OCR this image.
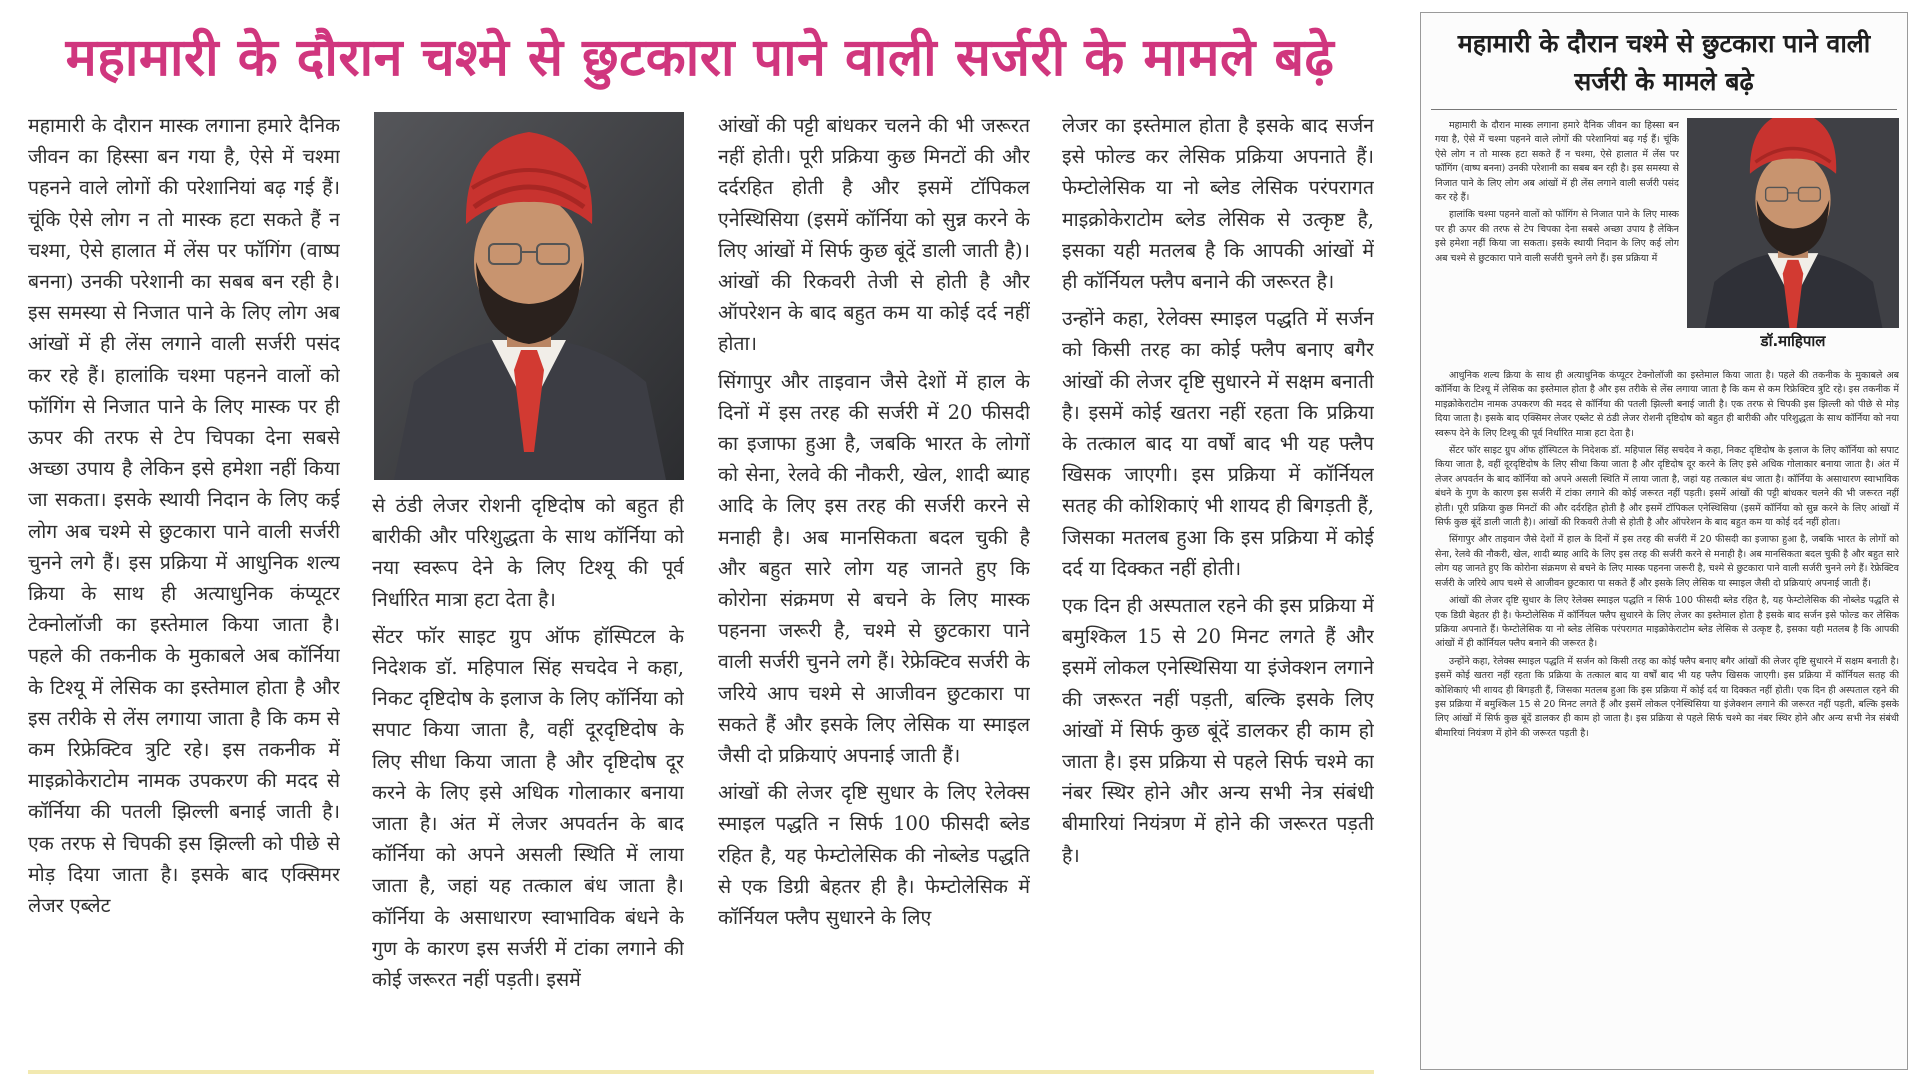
महामारी के दौरान चश्मे से छुटकारा पाने वाली सर्जरी के मामले बढ़े

महामारी के दौरान मास्क लगाना हमारे दैनिक जीवन का हिस्सा बन गया है, ऐसे में चश्मा पहनने वाले लोगों की परेशानियां बढ़ गई हैं। चूंकि ऐसे लोग न तो मास्क हटा सकते हैं न चश्मा, ऐसे हालात में लेंस पर फॉगिंग (वाष्प बनना) उनकी परेशानी का सबब बन रही है। इस समस्या से निजात पाने के लिए लोग अब आंखों में ही लेंस लगाने वाली सर्जरी पसंद कर रहे हैं। हालांकि चश्मा पहनने वालों को फॉगिंग से निजात पाने के लिए मास्क पर ही ऊपर की तरफ से टेप चिपका देना सबसे अच्छा उपाय है लेकिन इसे हमेशा नहीं किया जा सकता। इसके स्थायी निदान के लिए कई लोग अब चश्मे से छुटकारा पाने वाली सर्जरी चुनने लगे हैं। इस प्रक्रिया में आधुनिक शल्य क्रिया के साथ ही अत्याधुनिक कंप्यूटर टेक्नोलॉजी का इस्तेमाल किया जाता है। पहले की तकनीक के मुकाबले अब कॉर्निया के टिश्यू में लेसिक का इस्तेमाल होता है और इस तरीके से लेंस लगाया जाता है कि कम से कम रिफ्रेक्टिव त्रुटि रहे। इस तकनीक में माइक्रोकेराटोम नामक उपकरण की मदद से कॉर्निया की पतली झिल्ली बनाई जाती है। एक तरफ से चिपकी इस झिल्ली को पीछे से मोड़ दिया जाता है। इसके बाद एक्सिमर लेजर एब्लेट

से ठंडी लेजर रोशनी दृष्टिदोष को बहुत ही बारीकी और परिशुद्धता के साथ कॉर्निया को नया स्वरूप देने के लिए टिश्यू की पूर्व निर्धारित मात्रा हटा देता है।

सेंटर फॉर साइट ग्रुप ऑफ हॉस्पिटल के निदेशक डॉ. महिपाल सिंह सचदेव ने कहा, निकट दृष्टिदोष के इलाज के लिए कॉर्निया को सपाट किया जाता है, वहीं दूरदृष्टिदोष के लिए सीधा किया जाता है और दृष्टिदोष दूर करने के लिए इसे अधिक गोलाकार बनाया जाता है। अंत में लेजर अपवर्तन के बाद कॉर्निया को अपने असली स्थिति में लाया जाता है, जहां यह तत्काल बंध जाता है। कॉर्निया के असाधारण स्वाभाविक बंधने के गुण के कारण इस सर्जरी में टांका लगाने की कोई जरूरत नहीं पड़ती। इसमें

आंखों की पट्टी बांधकर चलने की भी जरूरत नहीं होती। पूरी प्रक्रिया कुछ मिनटों की और दर्दरहित होती है और इसमें टॉपिकल एनेस्थिसिया (इसमें कॉर्निया को सुन्न करने के लिए आंखों में सिर्फ कुछ बूंदें डाली जाती है)। आंखों की रिकवरी तेजी से होती है और ऑपरेशन के बाद बहुत कम या कोई दर्द नहीं होता।

सिंगापुर और ताइवान जैसे देशों में हाल के दिनों में इस तरह की सर्जरी में 20 फीसदी का इजाफा हुआ है, जबकि भारत के लोगों को सेना, रेलवे की नौकरी, खेल, शादी ब्याह आदि के लिए इस तरह की सर्जरी करने से मनाही है। अब मानसिकता बदल चुकी है और बहुत सारे लोग यह जानते हुए कि कोरोना संक्रमण से बचने के लिए मास्क पहनना जरूरी है, चश्मे से छुटकारा पाने वाली सर्जरी चुनने लगे हैं। रेफ्रेक्टिव सर्जरी के जरिये आप चश्मे से आजीवन छुटकारा पा सकते हैं और इसके लिए लेसिक या स्माइल जैसी दो प्रक्रियाएं अपनाई जाती हैं।

आंखों की लेजर दृष्टि सुधार के लिए रेलेक्स स्माइल पद्धति न सिर्फ 100 फीसदी ब्लेड रहित है, यह फेम्टोलेसिक की नोब्लेड पद्धति से एक डिग्री बेहतर ही है। फेम्टोलेसिक में कॉर्नियल फ्लैप सुधारने के लिए

लेजर का इस्तेमाल होता है इसके बाद सर्जन इसे फोल्ड कर लेसिक प्रक्रिया अपनाते हैं। फेम्टोलेसिक या नो ब्लेड लेसिक परंपरागत माइक्रोकेराटोम ब्लेड लेसिक से उत्कृष्ट है, इसका यही मतलब है कि आपकी आंखों में ही कॉर्नियल फ्लैप बनाने की जरूरत है।

उन्होंने कहा, रेलेक्स स्माइल पद्धति में सर्जन को किसी तरह का कोई फ्लैप बनाए बगैर आंखों की लेजर दृष्टि सुधारने में सक्षम बनाती है। इसमें कोई खतरा नहीं रहता कि प्रक्रिया के तत्काल बाद या वर्षों बाद भी यह फ्लैप खिसक जाएगी। इस प्रक्रिया में कॉर्नियल सतह की कोशिकाएं भी शायद ही बिगड़ती हैं, जिसका मतलब हुआ कि इस प्रक्रिया में कोई दर्द या दिक्कत नहीं होती।

एक दिन ही अस्पताल रहने की इस प्रक्रिया में बमुश्किल 15 से 20 मिनट लगते हैं और इसमें लोकल एनेस्थिसिया या इंजेक्शन लगाने की जरूरत नहीं पड़ती, बल्कि इसके लिए आंखों में सिर्फ कुछ बूंदें डालकर ही काम हो जाता है। इस प्रक्रिया से पहले सिर्फ चश्मे का नंबर स्थिर होने और अन्य सभी नेत्र संबंधी बीमारियां नियंत्रण में होने की जरूरत पड़ती है।

महामारी के दौरान चश्मे से छुटकारा पाने वाली सर्जरी के मामले बढ़े

महामारी के दौरान मास्क लगाना हमारे दैनिक जीवन का हिस्सा बन गया है, ऐसे में चश्मा पहनने वाले लोगों की परेशानियां बढ़ गई हैं। चूंकि ऐसे लोग न तो मास्क हटा सकते हैं न चश्मा, ऐसे हालात में लेंस पर फॉगिंग (वाष्प बनना) उनकी परेशानी का सबब बन रही है। इस समस्या से निजात पाने के लिए लोग अब आंखों में ही लेंस लगाने वाली सर्जरी पसंद कर रहे हैं।

हालांकि चश्मा पहनने वालों को फॉगिंग से निजात पाने के लिए मास्क पर ही ऊपर की तरफ से टेप चिपका देना सबसे अच्छा उपाय है लेकिन इसे हमेशा नहीं किया जा सकता। इसके स्थायी निदान के लिए कई लोग अब चश्मे से छुटकारा पाने वाली सर्जरी चुनने लगे हैं। इस प्रक्रिया में

डॉ.माहिपाल

आधुनिक शल्य क्रिया के साथ ही अत्याधुनिक कंप्यूटर टेक्नोलॉजी का इस्तेमाल किया जाता है। पहले की तकनीक के मुकाबले अब कॉर्निया के टिश्यू में लेसिक का इस्तेमाल होता है और इस तरीके से लेंस लगाया जाता है कि कम से कम रिफ्रेक्टिव त्रुटि रहे। इस तकनीक में माइक्रोकेराटोम नामक उपकरण की मदद से कॉर्निया की पतली झिल्ली बनाई जाती है। एक तरफ से चिपकी इस झिल्ली को पीछे से मोड़ दिया जाता है। इसके बाद एक्सिमर लेजर एब्लेट से ठंडी लेजर रोशनी दृष्टिदोष को बहुत ही बारीकी और परिशुद्धता के साथ कॉर्निया को नया स्वरूप देने के लिए टिश्यू की पूर्व निर्धारित मात्रा हटा देता है।

सेंटर फॉर साइट ग्रुप ऑफ हॉस्पिटल के निदेशक डॉ. महिपाल सिंह सचदेव ने कहा, निकट दृष्टिदोष के इलाज के लिए कॉर्निया को सपाट किया जाता है, वहीं दूरदृष्टिदोष के लिए सीधा किया जाता है और दृष्टिदोष दूर करने के लिए इसे अधिक गोलाकार बनाया जाता है। अंत में लेजर अपवर्तन के बाद कॉर्निया को अपने असली स्थिति में लाया जाता है, जहां यह तत्काल बंध जाता है। कॉर्निया के असाधारण स्वाभाविक बंधने के गुण के कारण इस सर्जरी में टांका लगाने की कोई जरूरत नहीं पड़ती। इसमें आंखों की पट्टी बांधकर चलने की भी जरूरत नहीं होती। पूरी प्रक्रिया कुछ मिनटों की और दर्दरहित होती है और इसमें टॉपिकल एनेस्थिसिया (इसमें कॉर्निया को सुन्न करने के लिए आंखों में सिर्फ कुछ बूंदें डाली जाती है)। आंखों की रिकवरी तेजी से होती है और ऑपरेशन के बाद बहुत कम या कोई दर्द नहीं होता।

सिंगापुर और ताइवान जैसे देशों में हाल के दिनों में इस तरह की सर्जरी में 20 फीसदी का इजाफा हुआ है, जबकि भारत के लोगों को सेना, रेलवे की नौकरी, खेल, शादी ब्याह आदि के लिए इस तरह की सर्जरी करने से मनाही है। अब मानसिकता बदल चुकी है और बहुत सारे लोग यह जानते हुए कि कोरोना संक्रमण से बचने के लिए मास्क पहनना जरूरी है, चश्मे से छुटकारा पाने वाली सर्जरी चुनने लगे हैं। रेफ्रेक्टिव सर्जरी के जरिये आप चश्मे से आजीवन छुटकारा पा सकते हैं और इसके लिए लेसिक या स्माइल जैसी दो प्रक्रियाएं अपनाई जाती हैं।

आंखों की लेजर दृष्टि सुधार के लिए रेलेक्स स्माइल पद्धति न सिर्फ 100 फीसदी ब्लेड रहित है, यह फेम्टोलेसिक की नोब्लेड पद्धति से एक डिग्री बेहतर ही है। फेम्टोलेसिक में कॉर्नियल फ्लैप सुधारने के लिए लेजर का इस्तेमाल होता है इसके बाद सर्जन इसे फोल्ड कर लेसिक प्रक्रिया अपनाते हैं। फेम्टोलेसिक या नो ब्लेड लेसिक परंपरागत माइक्रोकेराटोम ब्लेड लेसिक से उत्कृष्ट है, इसका यही मतलब है कि आपकी आंखों में ही कॉर्नियल फ्लैप बनाने की जरूरत है।

उन्होंने कहा, रेलेक्स स्माइल पद्धति में सर्जन को किसी तरह का कोई फ्लैप बनाए बगैर आंखों की लेजर दृष्टि सुधारने में सक्षम बनाती है। इसमें कोई खतरा नहीं रहता कि प्रक्रिया के तत्काल बाद या वर्षों बाद भी यह फ्लैप खिसक जाएगी। इस प्रक्रिया में कॉर्नियल सतह की कोशिकाएं भी शायद ही बिगड़ती हैं, जिसका मतलब हुआ कि इस प्रक्रिया में कोई दर्द या दिक्कत नहीं होती। एक दिन ही अस्पताल रहने की इस प्रक्रिया में बमुश्किल 15 से 20 मिनट लगते हैं और इसमें लोकल एनेस्थिसिया या इंजेक्शन लगाने की जरूरत नहीं पड़ती, बल्कि इसके लिए आंखों में सिर्फ कुछ बूंदें डालकर ही काम हो जाता है। इस प्रक्रिया से पहले सिर्फ चश्मे का नंबर स्थिर होने और अन्य सभी नेत्र संबंधी बीमारियां नियंत्रण में होने की जरूरत पड़ती है।
